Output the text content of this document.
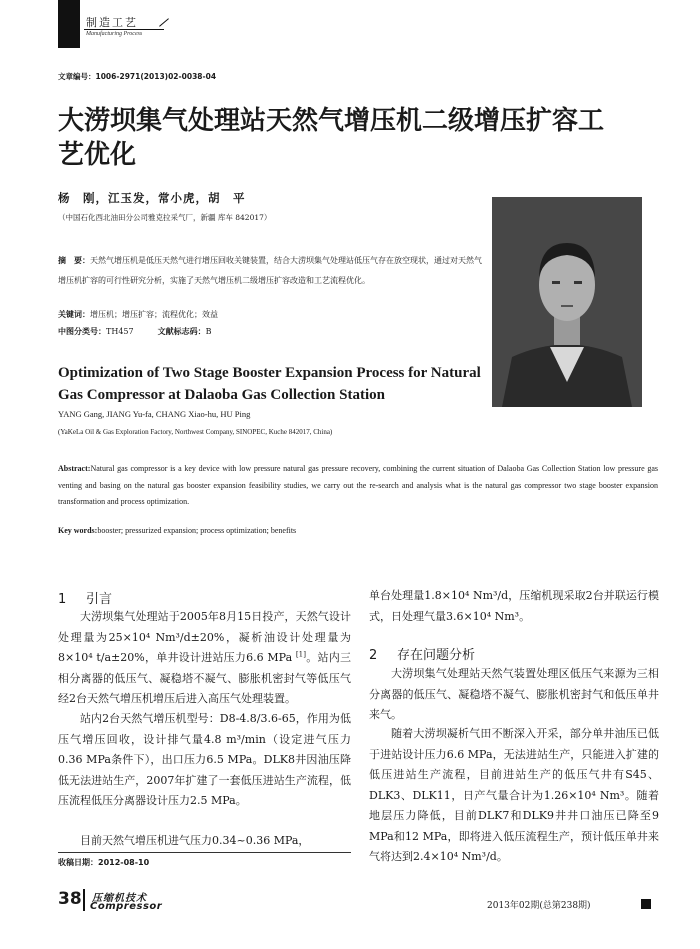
制造工艺
Manufacturing Process
文章编号：1006-2971(2013)02-0038-04
大涝坝集气处理站天然气增压机二级增压扩容工艺优化
杨　刚，江玉发，常小虎，胡　平
（中国石化西北油田分公司雅克拉采气厂，新疆 库车 842017）
摘　要：天然气增压机是低压天然气进行增压回收关键装置，结合大涝坝集气处理站低压气存在放空现状，通过对天然气增压机扩容的可行性研究分析，实施了天然气增压机二级增压扩容改造和工艺流程优化。
关键词：增压机；增压扩容；流程优化；效益
中图分类号：TH457	文献标志码：B
Optimization of Two Stage Booster Expansion Process for Natural Gas Compressor at Dalaoba Gas Collection Station
YANG Gang, JIANG Yu-fa, CHANG Xiao-hu, HU Ping
(YaKeLa Oil & Gas Exploration Factory, Northwest Company, SINOPEC, Kuche 842017, China)
Abstract:Natural gas compressor is a key device with low pressure natural gas pressure recovery, combining the current situation of Dalaoba Gas Collection Station low pressure gas venting and basing on the natural gas booster expansion feasibility studies, we carry out the re-search and analysis what is the natural gas compressor two stage booster expansion transformation and process optimization.
Key words:booster; pressurized expansion; process optimization; benefits
1 引言
大涝坝集气处理站于2005年8月15日投产，天然气设计处理量为25×10⁴ Nm³/d±20%，凝析油设计处理量为8×10⁴ t/a±20%，单井设计进站压力6.6 MPa [1]。站内三相分离器的低压气、凝稳塔不凝气、膨胀机密封气等低压气经2台天然气增压机增压后进入高压气处理装置。
站内2台天然气增压机型号：D8-4.8/3.6-65，作用为低压气增压回收，设计排气量4.8 m³/min（设定进气压力0.36 MPa条件下），出口压力6.5 MPa。DLK8井因油压降低无法进站生产，2007年扩建了一套低压进站生产流程，低压流程低压分离器设计压力2.5 MPa。
目前天然气增压机进气压力0.34~0.36 MPa，
收稿日期：2012-08-10
单台处理量1.8×10⁴ Nm³/d，压缩机现采取2台并联运行模式，日处理气量3.6×10⁴ Nm³。
2 存在问题分析
大涝坝集气处理站天然气装置处理区低压气来源为三相分离器的低压气、凝稳塔不凝气、膨胀机密封气和低压单井来气。
随着大涝坝凝析气田不断深入开采，部分单井油压已低于进站设计压力6.6 MPa，无法进站生产，只能进入扩建的低压进站生产流程，目前进站生产的低压气井有S45、DLK3、DLK11，日产气量合计为1.26×10⁴ Nm³。随着地层压力降低，目前DLK7和DLK9井井口油压已降至9 MPa和12 MPa，即将进入低压流程生产，预计低压单井来气将达到2.4×10⁴ Nm³/d。
38 压缩机技术
Compressor	2013年02期(总第238期)
